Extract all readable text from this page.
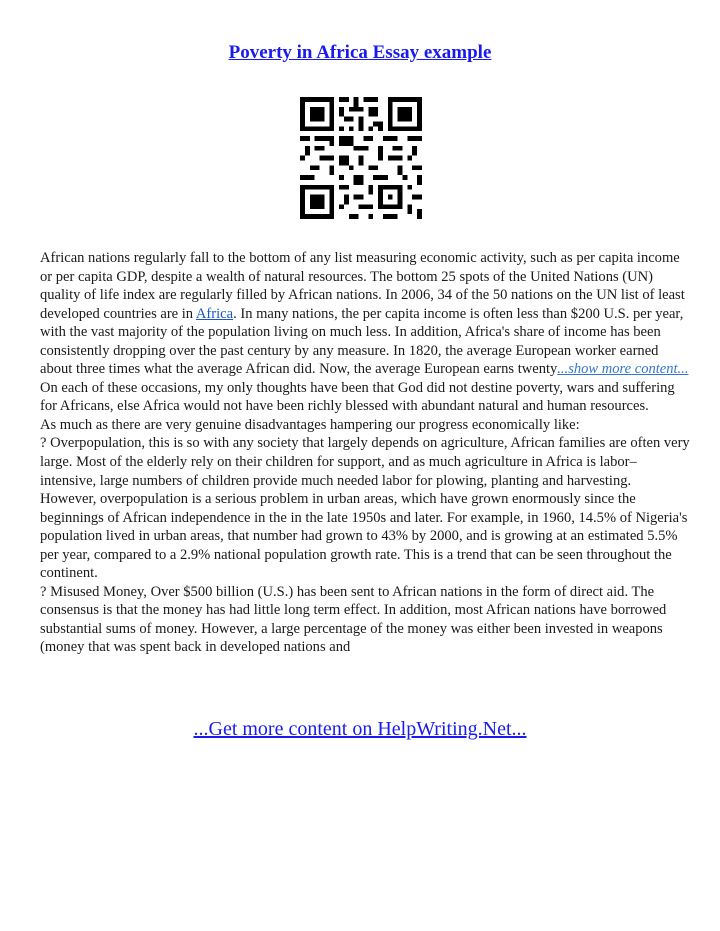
Poverty in Africa Essay example

African nations regularly fall to the bottom of any list measuring economic activity, such as per capita income or per capita GDP, despite a wealth of natural resources. The bottom 25 spots of the United Nations (UN) quality of life index are regularly filled by African nations. In 2006, 34 of the 50 nations on the UN list of least developed countries are in Africa. In many nations, the per capita income is often less than $200 U.S. per year, with the vast majority of the population living on much less. In addition, Africa's share of income has been consistently dropping over the past century by any measure. In 1820, the average European worker earned about three times what the average African did. Now, the average European earns twenty...show more content...

On each of these occasions, my only thoughts have been that God did not destine poverty, wars and suffering for Africans, else Africa would not have been richly blessed with abundant natural and human resources.

As much as there are very genuine disadvantages hampering our progress economically like:

? Overpopulation, this is so with any society that largely depends on agriculture, African families are often very large. Most of the elderly rely on their children for support, and as much agriculture in Africa is labor–intensive, large numbers of children provide much needed labor for plowing, planting and harvesting. However, overpopulation is a serious problem in urban areas, which have grown enormously since the beginnings of African independence in the in the late 1950s and later. For example, in 1960, 14.5% of Nigeria's population lived in urban areas, that number had grown to 43% by 2000, and is growing at an estimated 5.5% per year, compared to a 2.9% national population growth rate. This is a trend that can be seen throughout the continent.

? Misused Money, Over $500 billion (U.S.) has been sent to African nations in the form of direct aid. The consensus is that the money has had little long term effect. In addition, most African nations have borrowed substantial sums of money. However, a large percentage of the money was either been invested in weapons (money that was spent back in developed nations and

...Get more content on HelpWriting.Net...
